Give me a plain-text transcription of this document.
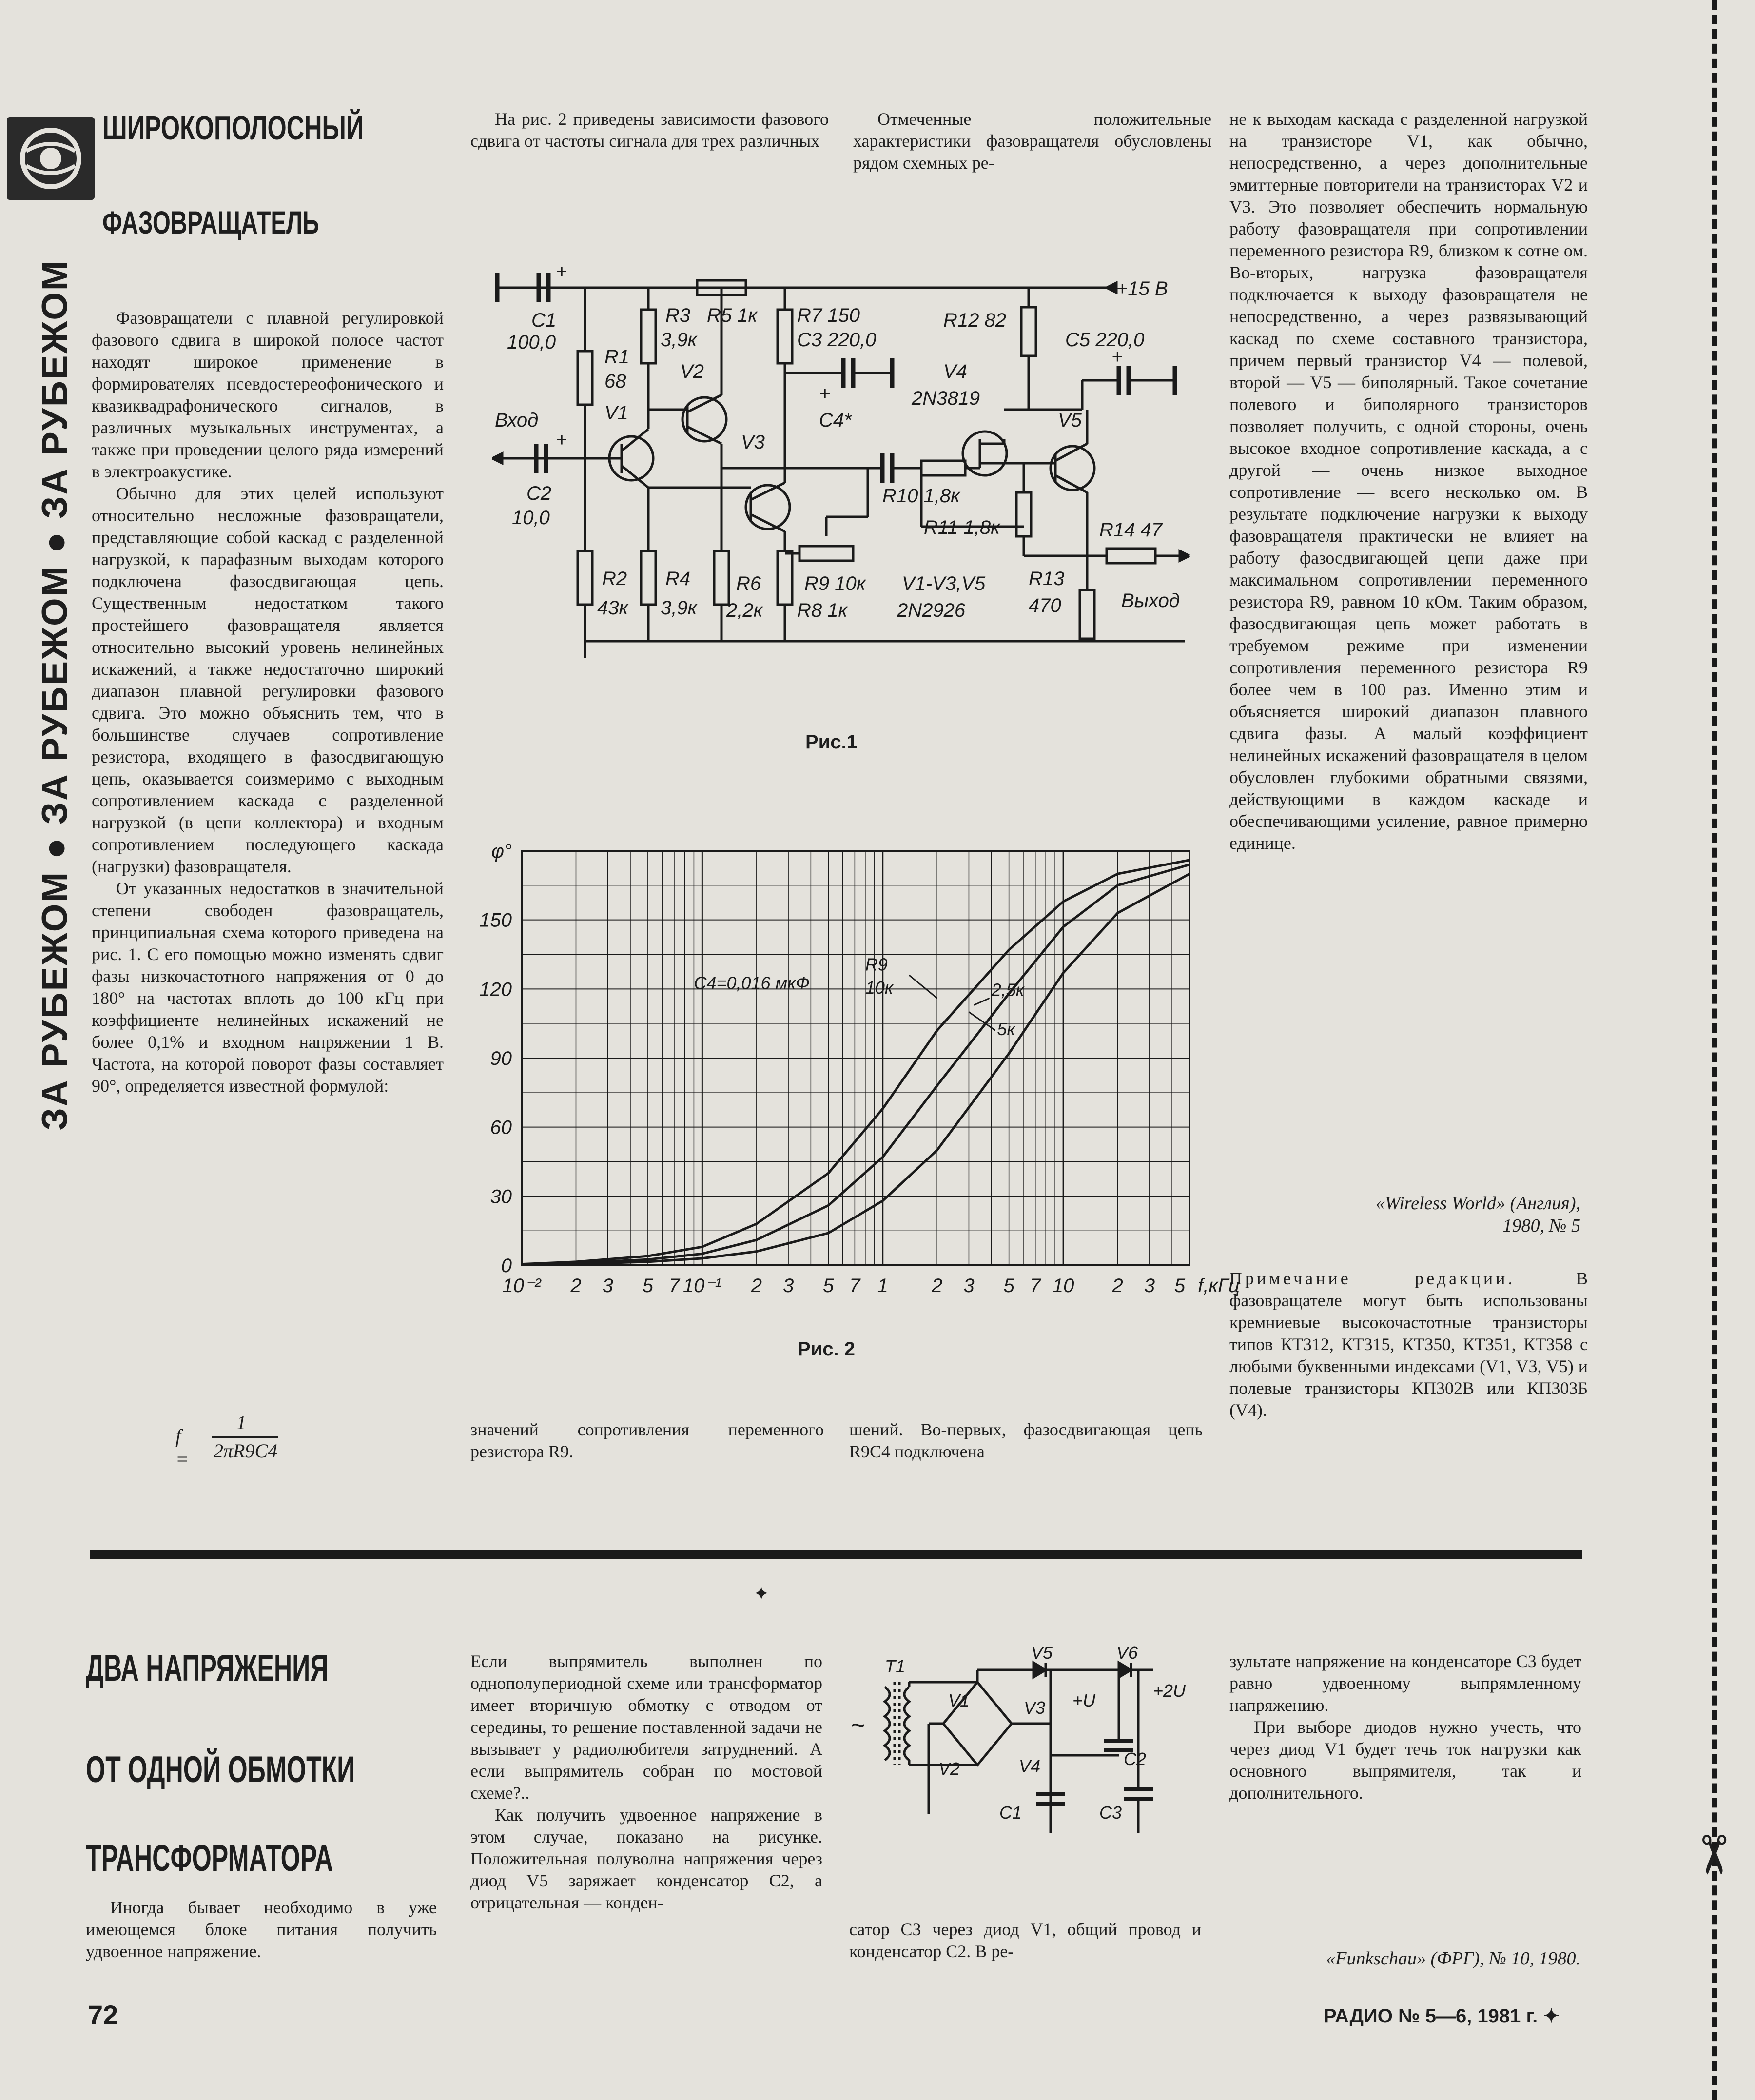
✂
ЗА РУБЕЖОМ ● ЗА РУБЕЖОМ ● ЗА РУБЕЖОМ
ШИРОКОПОЛОСНЫЙ
ФАЗОВРАЩАТЕЛЬ

Фазовращатели с плавной регулировкой фазового сдвига в широкой полосе частот находят широкое применение в формирователях псевдостереофонического и квазиквадрафонического сигналов, в различных музыкальных инструментах, а также при проведении целого ряда измерений в электроакустике.

Обычно для этих целей используют относительно несложные фазовращатели, представляющие собой каскад с разделенной нагрузкой, к парафазным выходам которого подключена фазосдвигающая цепь. Существенным недостатком такого простейшего фазовращателя является относительно высокий уровень нелинейных искажений, а также недостаточно широкий диапазон плавной регулировки фазового сдвига. Это можно объяснить тем, что в большинстве случаев сопротивление резистора, входящего в фазосдвигающую цепь, оказывается соизмеримо с выходным сопротивлением каскада с разделенной нагрузкой (в цепи коллектора) и входным сопротивлением последующего каскада (нагрузки) фазовращателя.

От указанных недостатков в значительной степени свободен фазовращатель, принципиальная схема которого приведена на рис. 1. С его помощью можно изменять сдвиг фазы низкочастотного напряжения от 0 до 180° на частотах вплоть до 100 кГц при коэффициенте нелинейных искажений не более 0,1% и входном напряжении 1 В. Частота, на которой поворот фазы составляет 90°, определяется известной формулой:

f =
1
2πR9C4

На рис. 2 приведены зависимости фазового сдвига от частоты сигнала для трех различных

Отмеченные положительные характеристики фазовращателя обусловлены рядом схемных ре-

значений сопротивления переменного резистора R9.

шений. Во-первых, фазосдвигающая цепь R9C4 подключена

не к выходам каскада с разделенной нагрузкой на транзисторе V1, как обычно, непосредственно, а через дополнительные эмиттерные повторители на транзисторах V2 и V3. Это позволяет обеспечить нормальную работу фазовращателя при сопротивлении переменного резистора R9, близком к сотне ом. Во-вторых, нагрузка фазовращателя подключается к выходу фазовращателя не непосредственно, а через развязывающий каскад по схеме составного транзистора, причем первый транзистор V4 — полевой, второй — V5 — биполярный. Такое сочетание полевого и биполярного транзисторов позволяет получить, с одной стороны, очень высокое входное сопротивление каскада, а с другой — очень низкое выходное сопротивление — всего несколько ом. В результате подключение нагрузки к выходу фазовращателя практически не влияет на работу фазосдвигающей цепи даже при максимальном сопротивлении переменного резистора R9, равном 10 кОм. Таким образом, фазосдвигающая цепь может работать в требуемом режиме при изменении сопротивления переменного резистора R9 более чем в 100 раз. Именно этим и объясняется широкий диапазон плавного сдвига фазы. А малый коэффициент нелинейных искажений фазовращателя в целом обусловлен глубокими обратными связями, действующими в каждом каскаде и обеспечивающими усиление, равное примерно единице.

«Wireless World» (Англия),
1980, № 5
Примечание редакции.	В фазовращателе могут быть использованы кремниевые высокочастотные транзисторы типов КТ312, КТ315, КТ350, КТ351, КТ358 с любыми буквенными индексами (V1, V3, V5) и полевые транзисторы КП302В или КП303Б (V4).
+
C1
100,0
R1
68
Вход	V1
+
C2
10,0
R2
43к
R3
3,9к
R5 1к
V2
R4
3,9к
V3
R6
2,2к
R7 150
C3 220,0
+
C4*
R9 10к
R8 1к
V4
2N3819
R10 1,8к
R11 1,8к
V1-V3,V5
2N2926
R12 82
C5 220,0
+
+15 В
V5
R13
470
R14 47
Выход
Рис.1
0
30
60
90
120
150
φ°
10⁻² 2 3 5 7 10⁻¹ 2 3 5 7 1 2 3 5 7 10 2 3 5 f,кГц
C4=0,016 мкФ
R9
10к	2,5к
5к
Рис. 2
✦
ДВА НАПРЯЖЕНИЯ
ОТ ОДНОЙ ОБМОТКИ
ТРАНСФОРМАТОРА

Иногда бывает необходимо в уже имеющемся блоке питания получить удвоенное напряжение.

Если выпрямитель выполнен по однополупериодной схеме или трансформатор имеет вторичную обмотку с отводом от середины, то решение поставленной задачи не вызывает у радиолюбителя затруднений. А если выпрямитель собран по мостовой схеме?..

Как получить удвоенное напряжение в этом случае, показано на рисунке. Положительная полуволна напряжения через диод V5 заряжает конденсатор C2, а отрицательная — конден-

сатор C3 через диод V1, общий провод и конденсатор C2. В ре-

зультате напряжение на конденсаторе C3 будет равно удвоенному выпрямленному напряжению.

При выборе диодов нужно учесть, что через диод V1 будет течь ток нагрузки как основного выпрямителя, так и дополнительного.

«Funkschau» (ФРГ), № 10, 1980.
T1
~
V1
V2
V3
V4
V5	V6
+U	+2U
C1
C2
C3
72	РАДИО № 5—6, 1981 г. ✦
